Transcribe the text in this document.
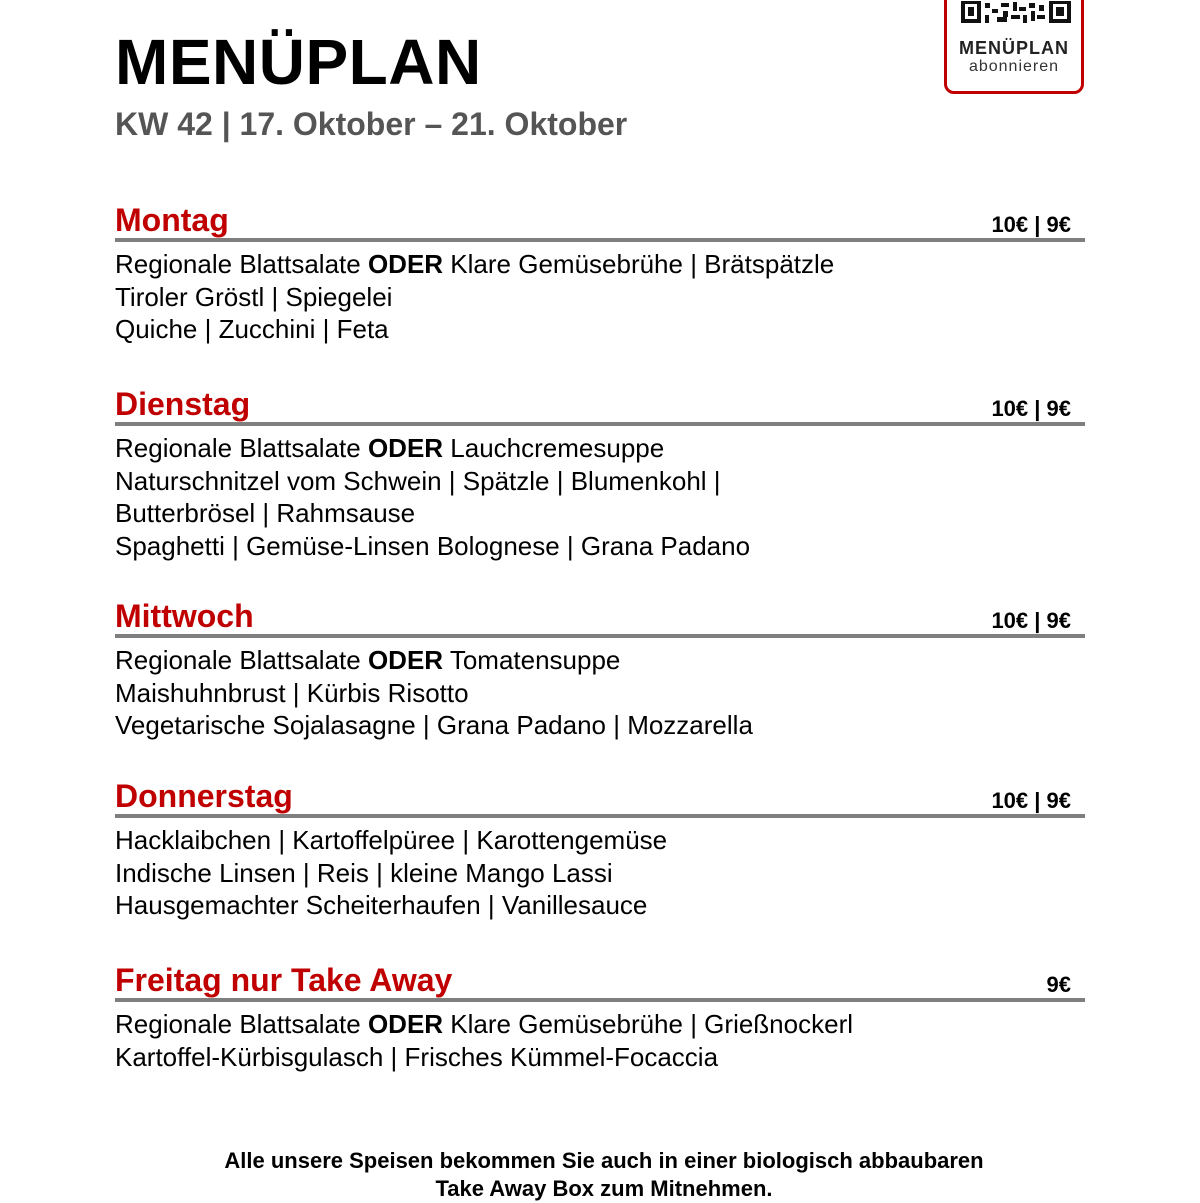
MENÜPLAN
KW 42 | 17. Oktober – 21. Oktober
MENÜPLAN
abonnieren
Montag	10€ | 9€
Regionale Blattsalate ODER Klare Gemüsebrühe | Brätspätzle
Tiroler Gröstl | Spiegelei
Quiche | Zucchini | Feta
Dienstag	10€ | 9€
Regionale Blattsalate ODER Lauchcremesuppe
Naturschnitzel vom Schwein | Spätzle | Blumenkohl |
Butterbrösel | Rahmsause
Spaghetti | Gemüse-Linsen Bolognese | Grana Padano
Mittwoch	10€ | 9€
Regionale Blattsalate ODER Tomatensuppe
Maishuhnbrust | Kürbis Risotto
Vegetarische Sojalasagne | Grana Padano | Mozzarella
Donnerstag	10€ | 9€
Hacklaibchen | Kartoffelpüree | Karottengemüse
Indische Linsen | Reis | kleine Mango Lassi
Hausgemachter Scheiterhaufen | Vanillesauce
Freitag nur Take Away	9€
Regionale Blattsalate ODER Klare Gemüsebrühe | Grießnockerl
Kartoffel-Kürbisgulasch | Frisches Kümmel-Focaccia
Alle unsere Speisen bekommen Sie auch in einer biologisch abbaubaren
Take Away Box zum Mitnehmen.
